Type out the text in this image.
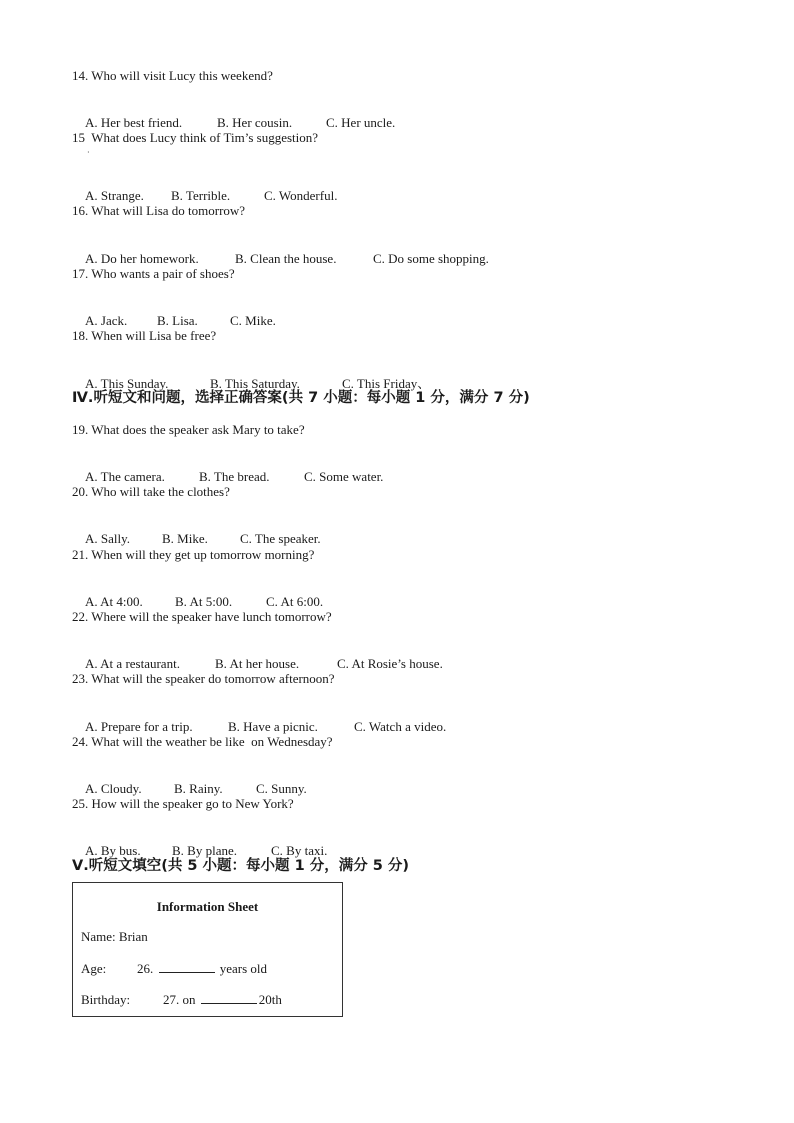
14. Who will visit Lucy this weekend?

A. Her best friend.	B. Her cousin.	C. Her uncle.

15  What does Lucy think of Tim’s suggestion?
·

A. Strange. B. Terrible.	C. Wonderful.

16. What will Lisa do tomorrow?

A. Do her homework.	B. Clean the house.	C. Do some shopping.

17. Who wants a pair of shoes?

A. Jack. B. Lisa. C. Mike.

18. When will Lisa be free?

A. This Sunday.	B. This Saturday.	C. This Friday、

Ⅳ.听短文和问题，选择正确答案(共 7 小题：每小题 1 分，满分 7 分)
19. What does the speaker ask Mary to take?

A. The camera.	B. The bread.	C. Some water.

20. Who will take the clothes?

A. Sally. B. Mike. C. The speaker.

21. When will they get up tomorrow morning?

A. At 4:00. B. At 5:00.	C. At 6:00.

22. Where will the speaker have lunch tomorrow?

A. At a restaurant.	B. At her house.	C. At Rosie’s house.

23. What will the speaker do tomorrow afternoon?

A. Prepare for a trip.	B. Have a picnic.	C. Watch a video.

24. What will the weather be like  on Wednesday?

A. Cloudy. B. Rainy.	C. Sunny.

25. How will the speaker go to New York?

A. By bus. B. By plane.	C. By taxi.

Ⅴ.听短文填空(共 5 小题：每小题 1 分，满分 5 分)
Information Sheet
Name: Brian
Age: 26.	years old
Birthday:	27. on	20th
